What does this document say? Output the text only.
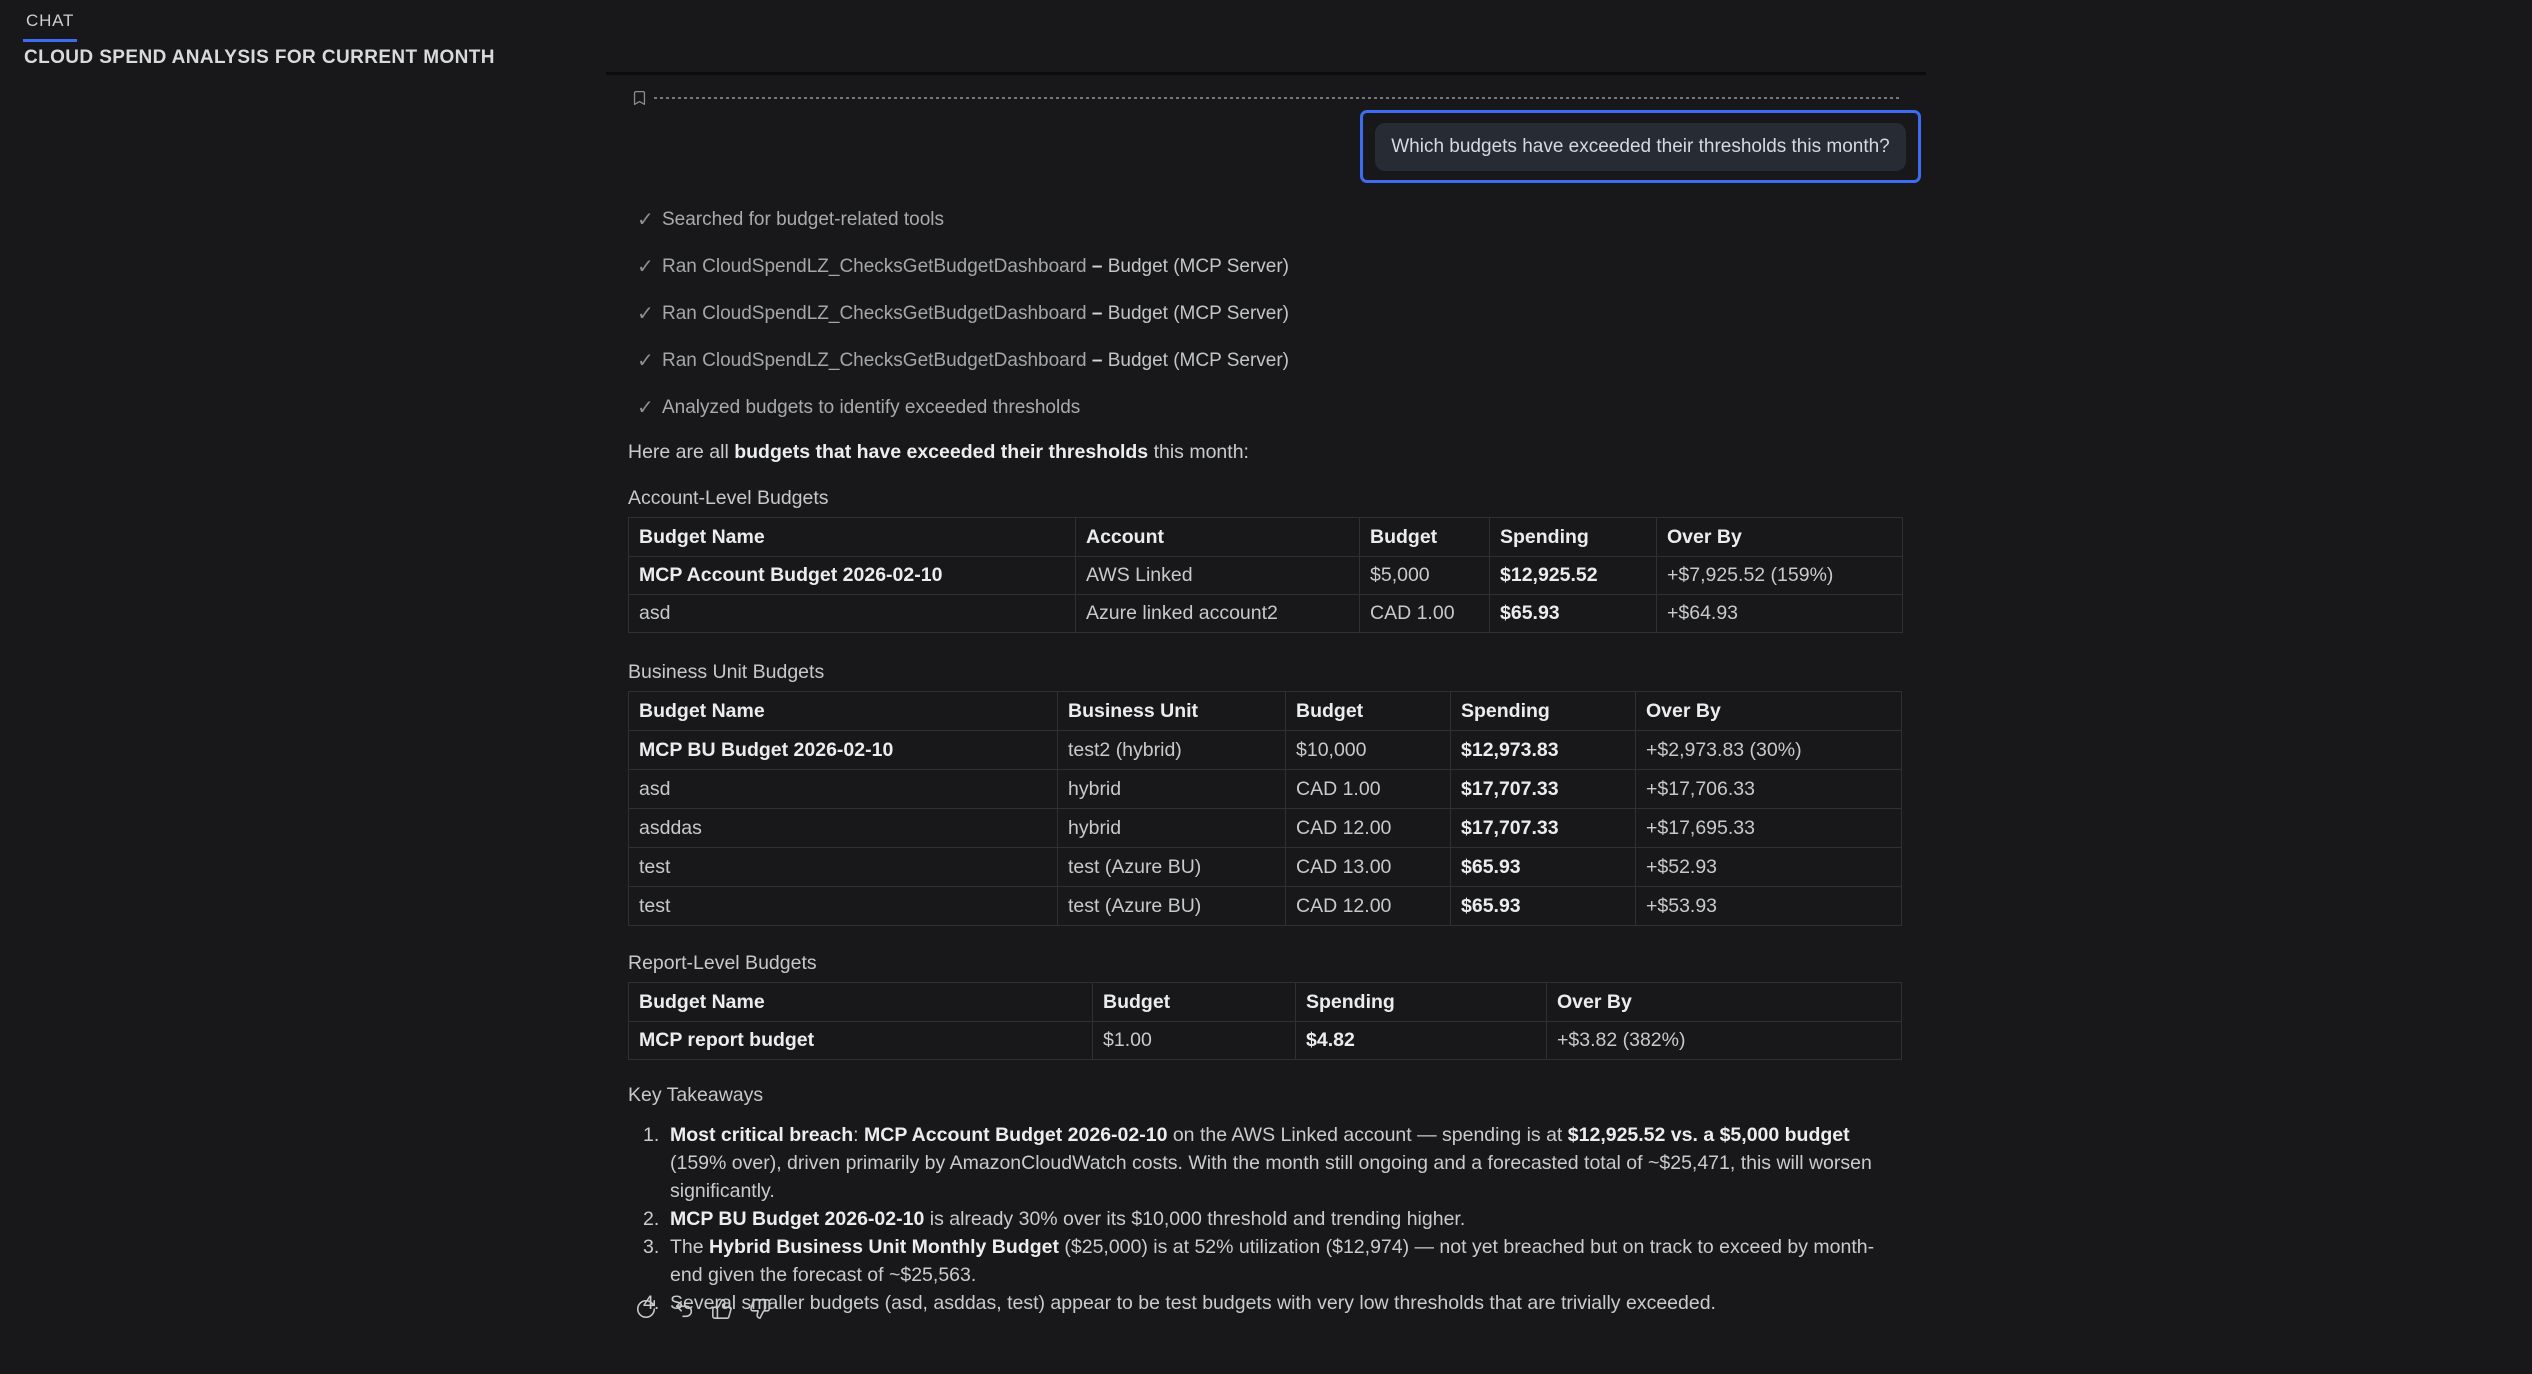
CHAT
CLOUD SPEND ANALYSIS FOR CURRENT MONTH
Which budgets have exceeded their thresholds this month?
✓ Searched for budget-related tools
✓ Ran CloudSpendLZ_ChecksGetBudgetDashboard – Budget (MCP Server)
✓ Ran CloudSpendLZ_ChecksGetBudgetDashboard – Budget (MCP Server)
✓ Ran CloudSpendLZ_ChecksGetBudgetDashboard – Budget (MCP Server)
✓ Analyzed budgets to identify exceeded thresholds
Here are all budgets that have exceeded their thresholds this month:
Account-Level Budgets
Budget Name	Account	Budget	Spending	Over By
MCP Account Budget 2026-02-10	AWS Linked	$5,000	$12,925.52	+$7,925.52 (159%)
asd	Azure linked account2	CAD 1.00	$65.93	+$64.93
Business Unit Budgets
Budget Name	Business Unit	Budget	Spending	Over By
MCP BU Budget 2026-02-10	test2 (hybrid)	$10,000	$12,973.83	+$2,973.83 (30%)
asd	hybrid	CAD 1.00	$17,707.33	+$17,706.33
asddas	hybrid	CAD 12.00	$17,707.33	+$17,695.33
test	test (Azure BU)	CAD 13.00	$65.93	+$52.93
test	test (Azure BU)	CAD 12.00	$65.93	+$53.93
Report-Level Budgets
Budget Name	Budget	Spending	Over By
MCP report budget	$1.00	$4.82	+$3.82 (382%)
Key Takeaways
Most critical breach: MCP Account Budget 2026-02-10 on the AWS Linked account — spending is at $12,925.52 vs. a $5,000 budget (159% over), driven primarily by AmazonCloudWatch costs. With the month still ongoing and a forecasted total of ~$25,471, this will worsen significantly.
MCP BU Budget 2026-02-10 is already 30% over its $10,000 threshold and trending higher.
The Hybrid Business Unit Monthly Budget ($25,000) is at 52% utilization ($12,974) — not yet breached but on track to exceed by month-end given the forecast of ~$25,563.
Several smaller budgets (asd, asddas, test) appear to be test budgets with very low thresholds that are trivially exceeded.
